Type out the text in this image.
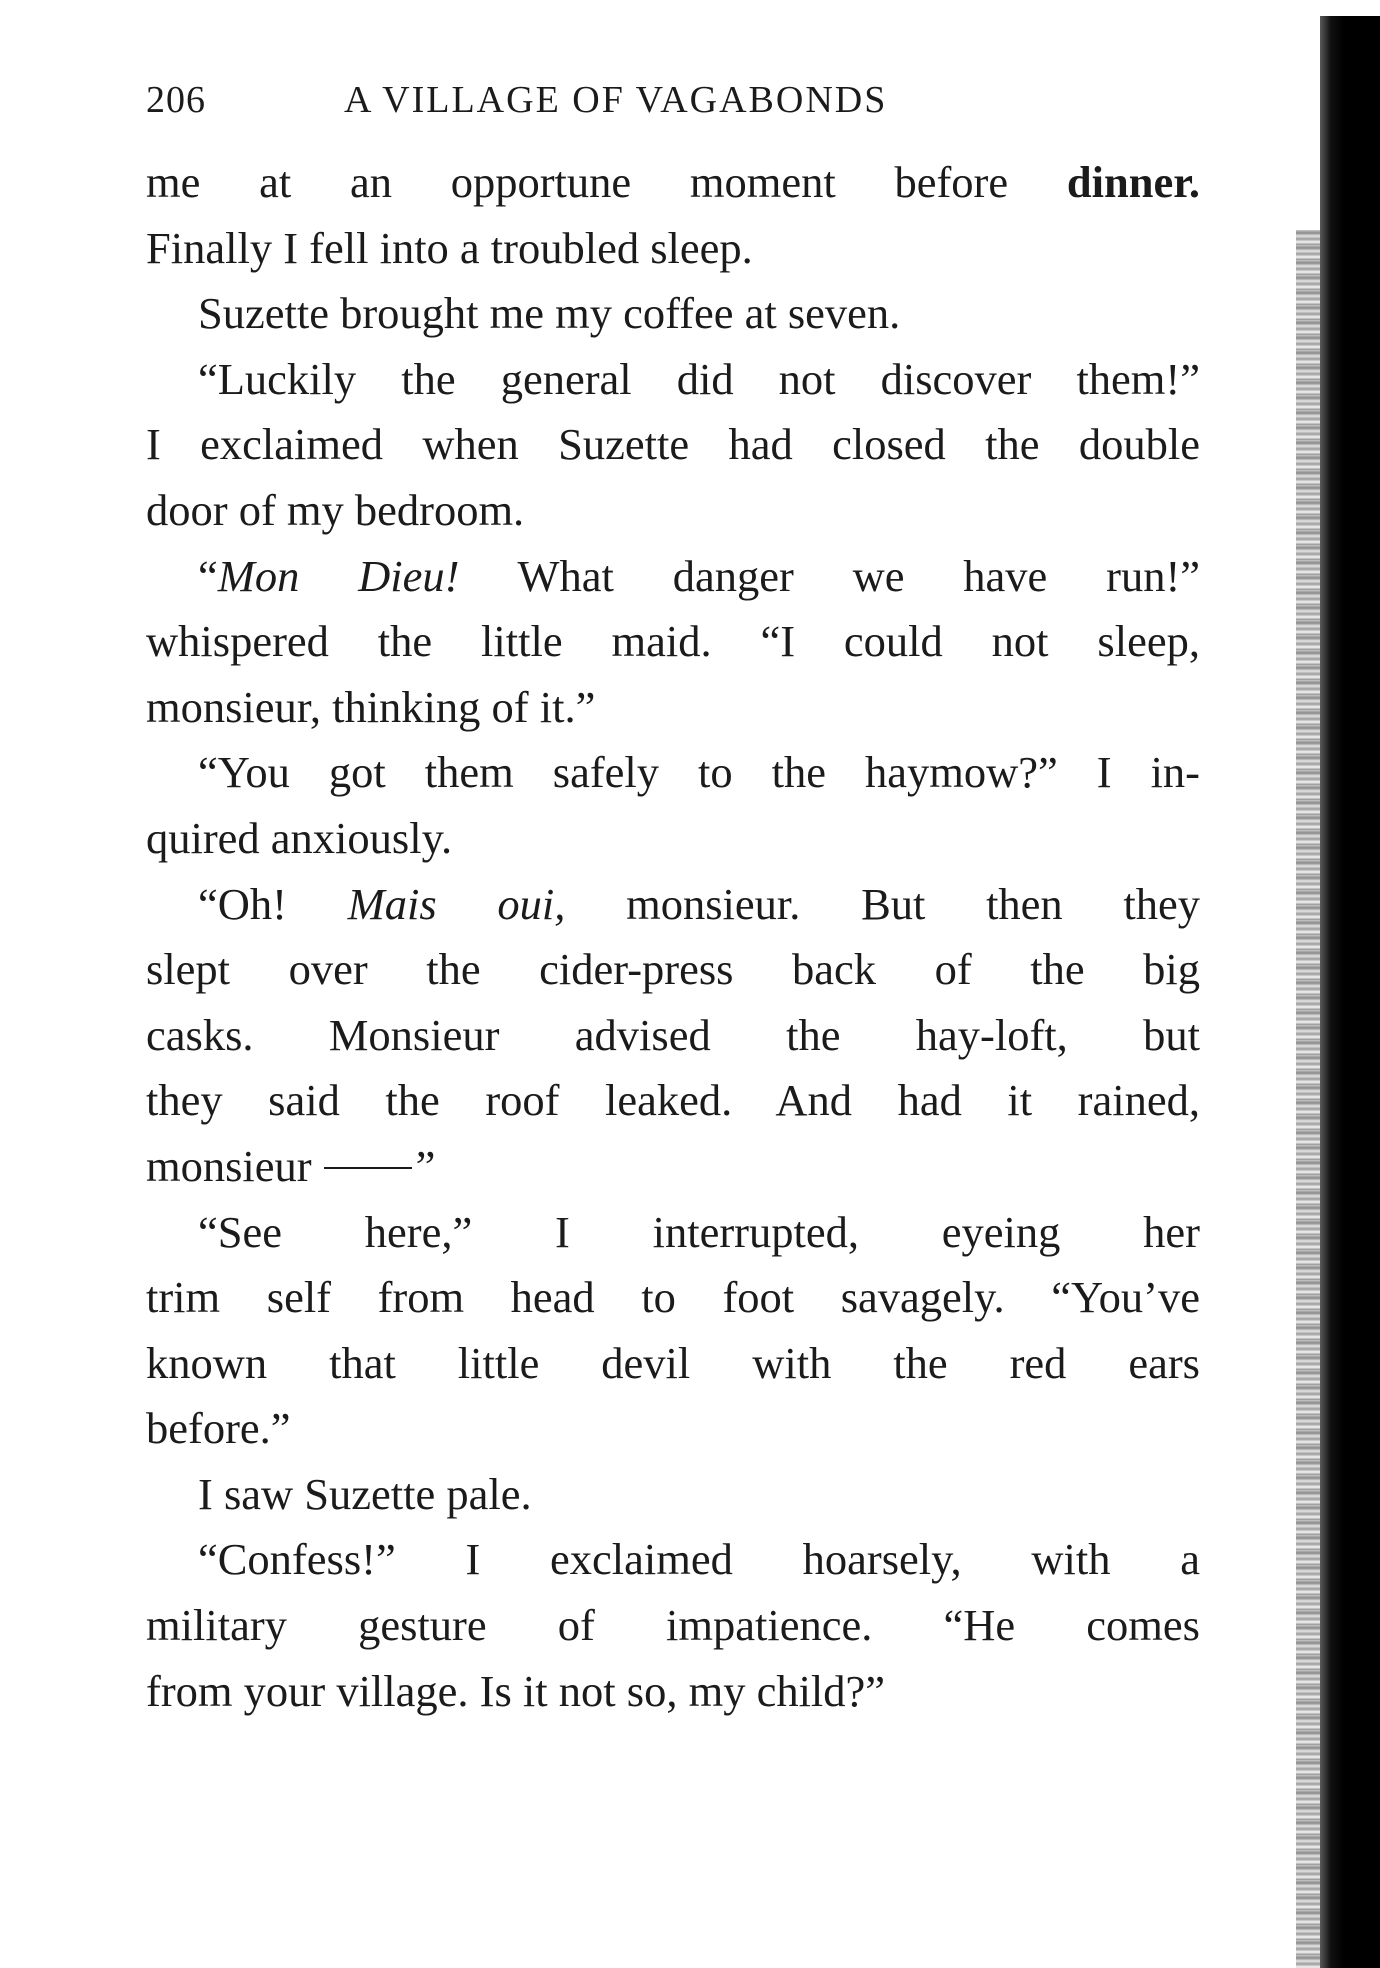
206	A VILLAGE OF VAGABONDS
me at an opportune moment before dinner.
Finally I fell into a troubled sleep.
Suzette brought me my coffee at seven.
“Luckily the general did not discover them!”
I exclaimed when Suzette had closed the double
door of my bedroom.
“Mon Dieu! What danger we have run!”
whispered the little maid. “I could not sleep,
monsieur, thinking of it.”
“You got them safely to the haymow?” I in-
quired anxiously.
“Oh! Mais oui, monsieur. But then they
slept over the cider-press back of the big
casks. Monsieur advised the hay-loft, but
they said the roof leaked. And had it rained,
monsieur ”
“See here,” I interrupted, eyeing her
trim self from head to foot savagely. “You’ve
known that little devil with the red ears
before.”
I saw Suzette pale.
“Confess!” I exclaimed hoarsely, with a
military gesture of impatience. “He comes
from your village. Is it not so, my child?”
